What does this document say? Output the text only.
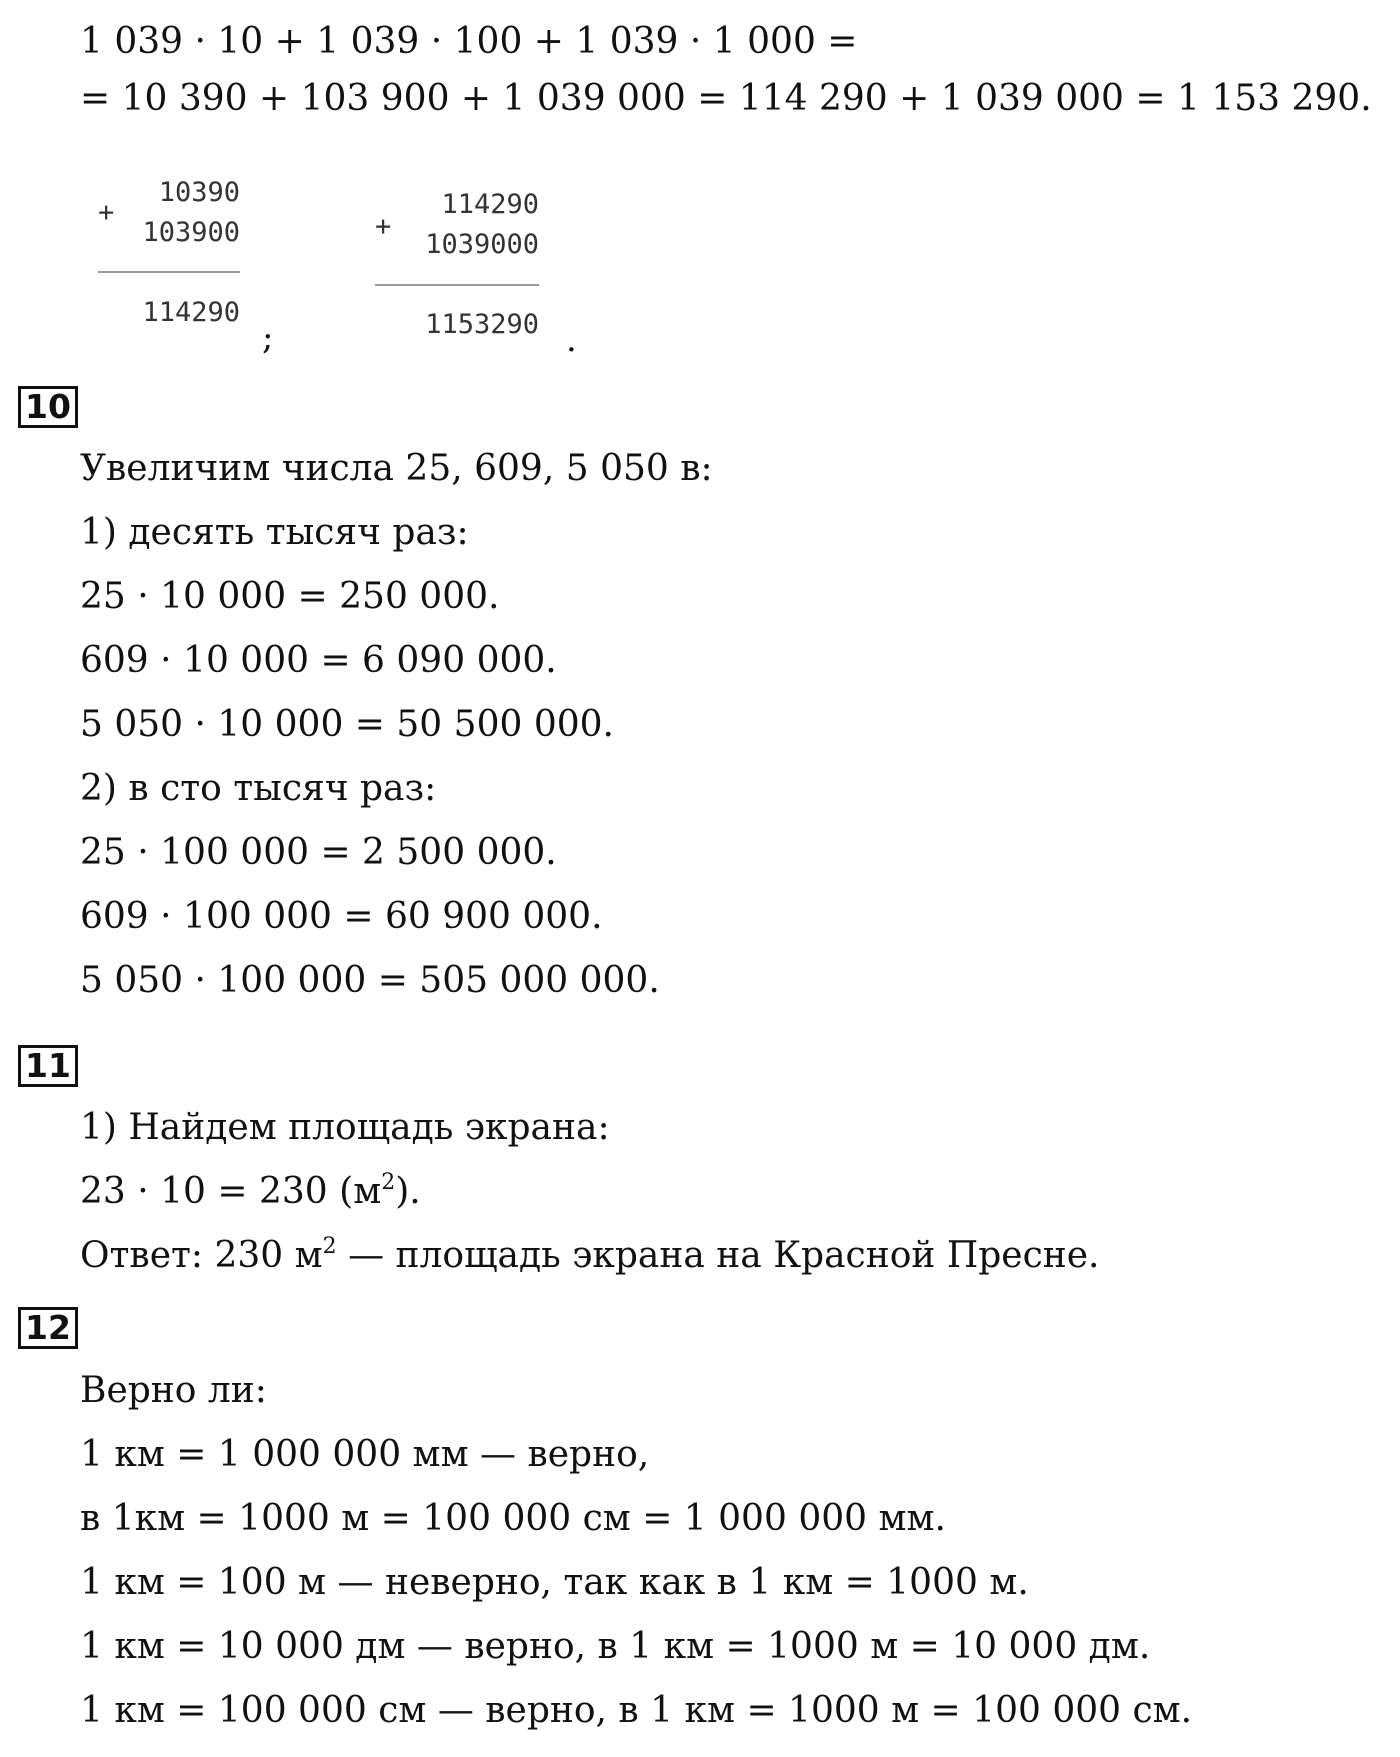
1 039 · 10 + 1 039 · 100 + 1 039 · 1 000 =
= 10 390 + 103 900 + 1 039 000 = 114 290 + 1 039 000 = 1 153 290.
+
10390
103900
114290
;
+
114290
1039000
1153290 .
10
Увеличим числа 25, 609, 5 050 в:
1) десять тысяч раз:
25 · 10 000 = 250 000.
609 · 10 000 = 6 090 000.
5 050 · 10 000 = 50 500 000.
2) в сто тысяч раз:
25 · 100 000 = 2 500 000.
609 · 100 000 = 60 900 000.
5 050 · 100 000 = 505 000 000.
11
1) Найдем площадь экрана:
23 · 10 = 230 $(м^2)$.
Ответ: 230 $м^2$ — площадь экрана на Красной Пресне.
12
Верно ли:
1 км = 1 000 000 мм — верно,
в 1км = 1000 м = 100 000 см = 1 000 000 мм.
1 км = 100 м — неверно, так как в 1 км = 1000 м.
1 км = 10 000 дм — верно, в 1 км = 1000 м = 10 000 дм.
1 км = 100 000 см — верно, в 1 км = 1000 м = 100 000 см.
